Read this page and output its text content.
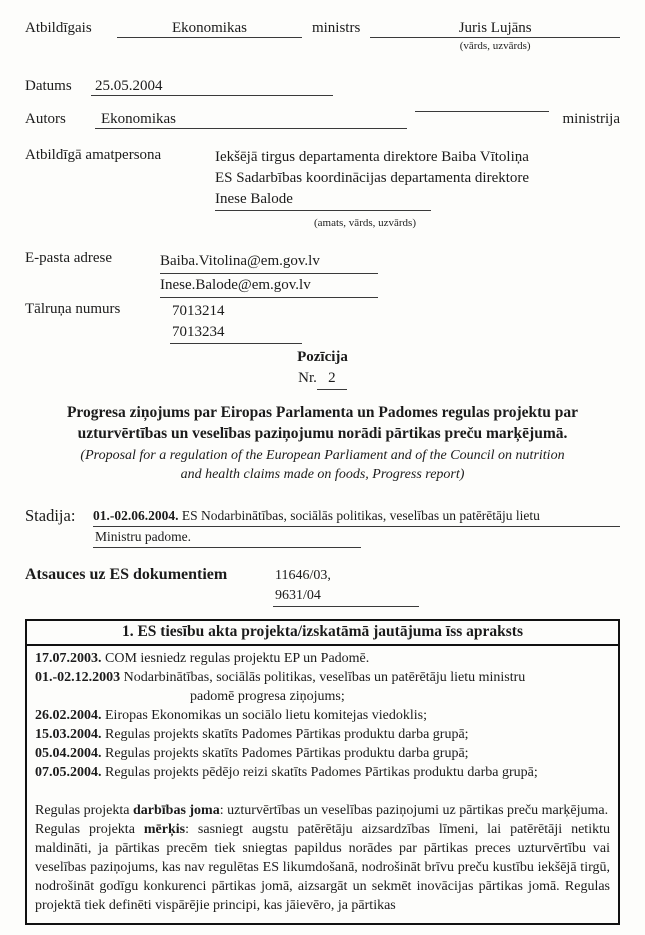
Atbildīgais	Ekonomikas	ministrs	Juris Lujāns
(vārds, uzvārds)
Datums	25.05.2004
Autors	Ekonomikas	ministrija
Atbildīgā amatpersona	Iekšējā tirgus departamenta direktore Baiba Vītoliņa
ES Sadarbības koordinācijas departamenta direktore
Inese Balode
(amats, vārds, uzvārds)
E-pasta adrese	Baiba.Vitolina@em.gov.lv
Inese.Balode@em.gov.lv
Tālruņa numurs	7013214
7013234
Pozīcija
Nr. 2
Progresa ziņojums par Eiropas Parlamenta un Padomes regulas projektu par uzturvērtības un veselības paziņojumu norādi pārtikas preču marķējumā.
(Proposal for a regulation of the European Parliament and of the Council on nutrition and health claims made on foods, Progress report)
Stadija:	01.-02.06.2004. ES Nodarbinātības, sociālās politikas, veselības un patērētāju lietu
Ministru padome.
Atsauces uz ES dokumentiem	11646/03,
9631/04
1. ES tiesību akta projekta/izskatāmā jautājuma īss apraksts
17.07.2003. COM iesniedz regulas projektu EP un Padomē.
01.-02.12.2003 Nodarbinātības, sociālās politikas, veselības un patērētāju lietu ministru
padomē progresa ziņojums;
26.02.2004. Eiropas Ekonomikas un sociālo lietu komitejas viedoklis;
15.03.2004. Regulas projekts skatīts Padomes Pārtikas produktu darba grupā;
05.04.2004. Regulas projekts skatīts Padomes Pārtikas produktu darba grupā;
07.05.2004. Regulas projekts pēdējo reizi skatīts Padomes Pārtikas produktu darba grupā;

Regulas projekta darbības joma: uzturvērtības un veselības paziņojumi uz pārtikas preču marķējuma.

Regulas projekta mērķis: sasniegt augstu patērētāju aizsardzības līmeni, lai patērētāji netiktu maldināti, ja pārtikas precēm tiek sniegtas papildus norādes par pārtikas preces uzturvērtību vai veselības paziņojums, kas nav regulētas ES likumdošanā, nodrošināt brīvu preču kustību iekšējā tirgū, nodrošināt godīgu konkurenci pārtikas jomā, aizsargāt un sekmēt inovācijas pārtikas jomā. Regulas projektā tiek definēti vispārējie principi, kas jāievēro, ja pārtikas
